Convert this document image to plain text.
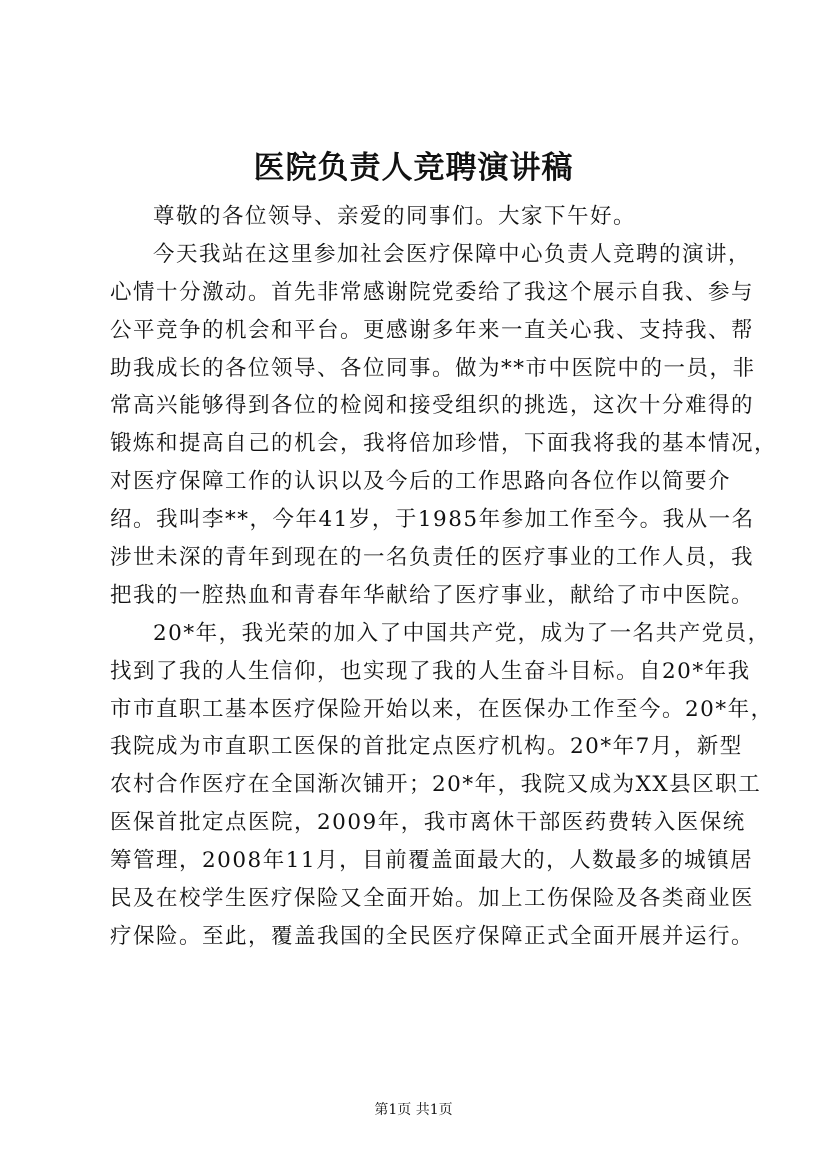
医院负责人竞聘演讲稿
尊敬的各位领导、亲爱的同事们。大家下午好。
今天我站在这里参加社会医疗保障中心负责人竞聘的演讲，
心情十分激动。首先非常感谢院党委给了我这个展示自我、参与
公平竞争的机会和平台。更感谢多年来一直关心我、支持我、帮
助我成长的各位领导、各位同事。做为**市中医院中的一员，非
常高兴能够得到各位的检阅和接受组织的挑选，这次十分难得的
锻炼和提高自己的机会，我将倍加珍惜，下面我将我的基本情况，
对医疗保障工作的认识以及今后的工作思路向各位作以简要介
绍。我叫李**，今年41岁，于1985年参加工作至今。我从一名
涉世未深的青年到现在的一名负责任的医疗事业的工作人员，我
把我的一腔热血和青春年华献给了医疗事业，献给了市中医院。
20*年，我光荣的加入了中国共产党，成为了一名共产党员，
找到了我的人生信仰，也实现了我的人生奋斗目标。自20*年我
市市直职工基本医疗保险开始以来，在医保办工作至今。20*年，
我院成为市直职工医保的首批定点医疗机构。20*年7月，新型
农村合作医疗在全国渐次铺开；20*年，我院又成为XX县区职工
医保首批定点医院，2009年，我市离休干部医药费转入医保统
筹管理，2008年11月，目前覆盖面最大的，人数最多的城镇居
民及在校学生医疗保险又全面开始。加上工伤保险及各类商业医
疗保险。至此，覆盖我国的全民医疗保障正式全面开展并运行。
第1页 共1页
